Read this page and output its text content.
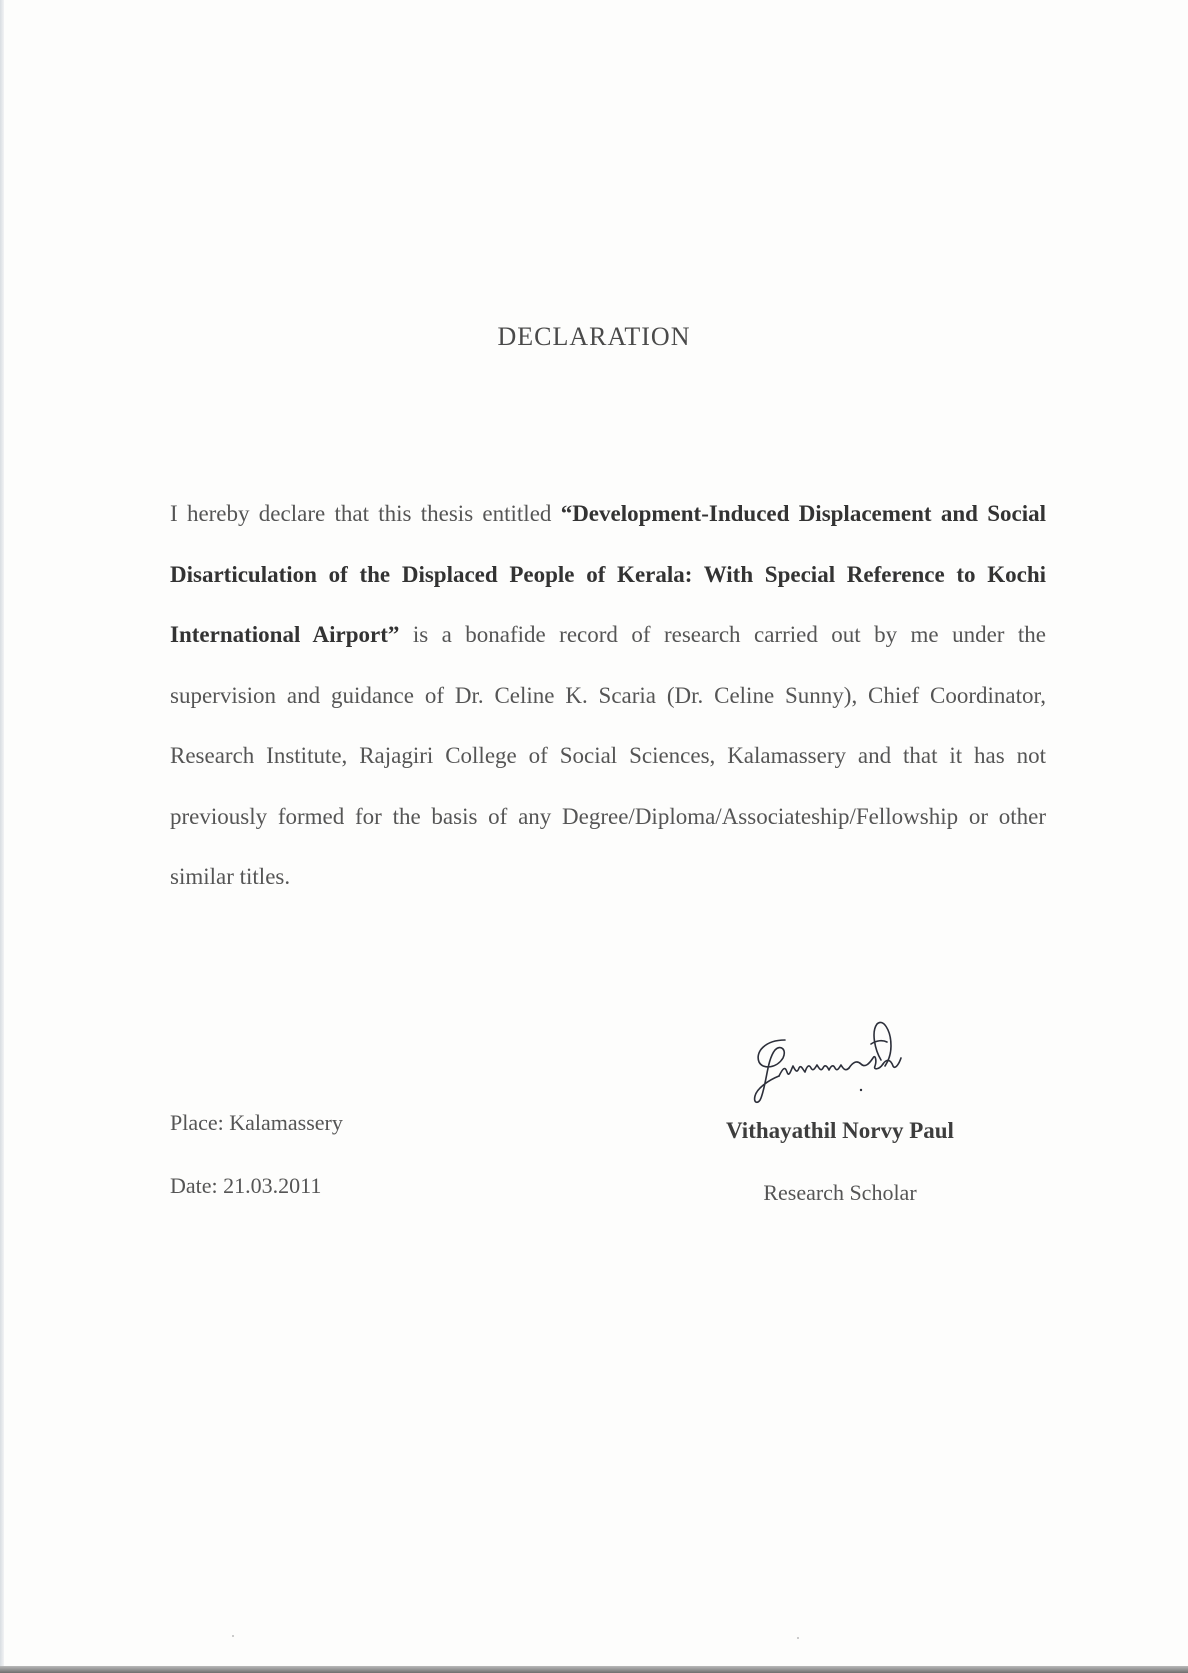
DECLARATION

I hereby declare that this thesis entitled “Development-Induced Displacement and Social Disarticulation of the Displaced People of Kerala: With Special Reference to Kochi International Airport” is a bonafide record of research carried out by me under the supervision and guidance of Dr. Celine K. Scaria (Dr. Celine Sunny), Chief Coordinator, Research Institute, Rajagiri College of Social Sciences, Kalamassery and that it has not previously formed for the basis of any Degree/Diploma/Associateship/Fellowship or other similar titles.

Place: Kalamassery
Date: 21.03.2011
Vithayathil Norvy Paul
Research Scholar
